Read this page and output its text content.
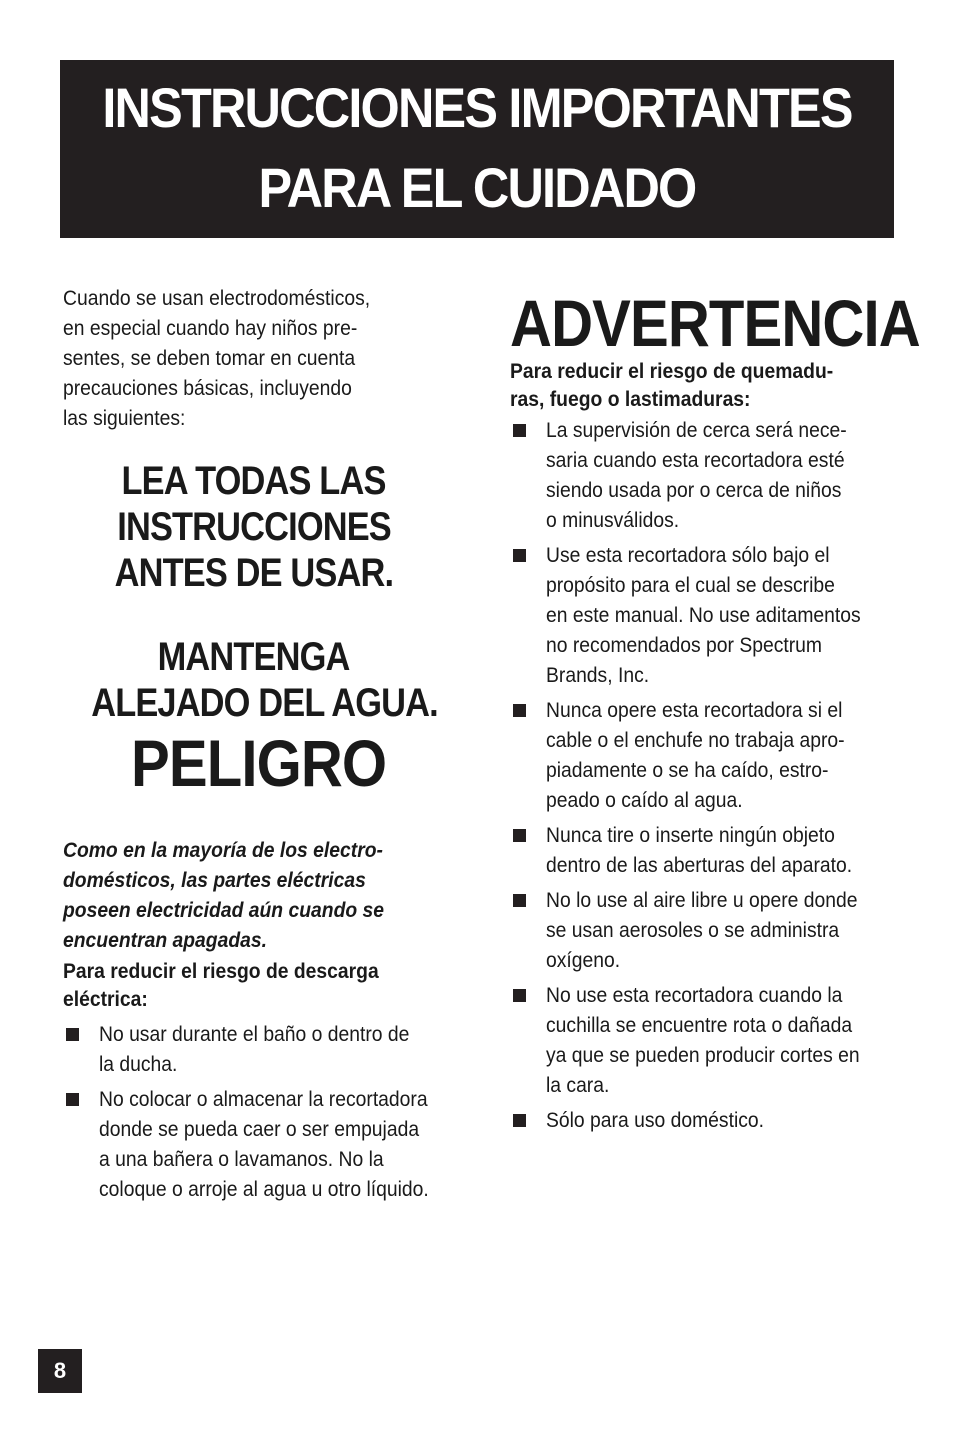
INSTRUCCIONES IMPORTANTES
PARA EL CUIDADO

Cuando se usan electrodomésticos,
en especial cuando hay niños pre-
sentes, se deben tomar en cuenta
precauciones básicas, incluyendo
las siguientes:

LEA TODAS LAS
INSTRUCCIONES
ANTES DE USAR.
MANTENGA
ALEJADO DEL AGUA.
PELIGRO

Como en la mayoría de los electro-
domésticos, las partes eléctricas
poseen electricidad aún cuando se
encuentran apagadas.

Para reducir el riesgo de descarga
eléctrica:

No usar durante el baño o dentro de
la ducha.
No colocar o almacenar la recortadora
donde se pueda caer o ser empujada
a una bañera o lavamanos. No la
coloque o arroje al agua u otro líquido.
ADVERTENCIA

Para reducir el riesgo de quemadu-
ras, fuego o lastimaduras:

La supervisión de cerca será nece-
saria cuando esta recortadora esté
siendo usada por o cerca de niños
o minusválidos.
Use esta recortadora sólo bajo el
propósito para el cual se describe
en este manual. No use aditamentos
no recomendados por Spectrum
Brands, Inc.
Nunca opere esta recortadora si el
cable o el enchufe no trabaja apro-
piadamente o se ha caído, estro-
peado o caído al agua.
Nunca tire o inserte ningún objeto
dentro de las aberturas del aparato.
No lo use al aire libre u opere donde
se usan aerosoles o se administra
oxígeno.
No use esta recortadora cuando la
cuchilla se encuentre rota o dañada
ya que se pueden producir cortes en
la cara.
Sólo para uso doméstico.
8
